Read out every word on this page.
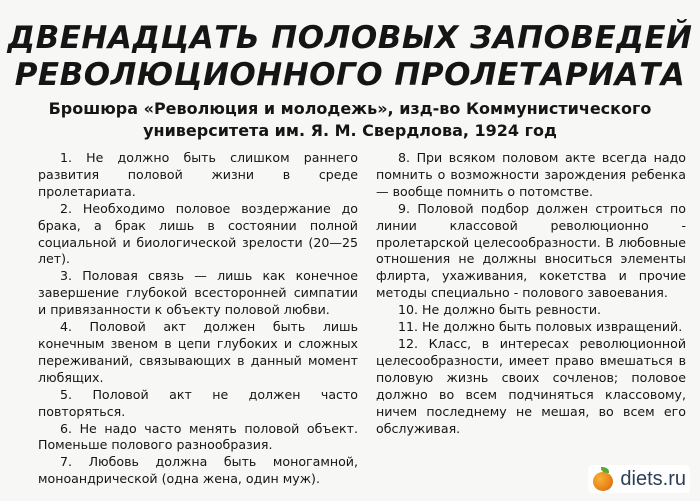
ДВЕНАДЦАТЬ ПОЛОВЫХ ЗАПОВЕДЕЙ
РЕВОЛЮЦИОННОГО ПРОЛЕТАРИАТА
Брошюра «Революция и молодежь», изд-во Коммунистического
университета им. Я. М. Свердлова, 1924 год

1. Не должно быть слишком раннего развития половой жизни в среде пролетариата.

2. Необходимо половое воздержание до брака, а брак лишь в состоянии полной социальной и биологической зрелости (20—25 лет).

3. Половая связь — лишь как конечное завершение глубокой всесторонней симпатии и привязанности к объекту половой любви.

4. Половой акт должен быть лишь конечным звеном в цепи глубоких и сложных переживаний, связывающих в данный момент любящих.

5. Половой акт не должен часто повторяться.

6. Не надо часто менять половой объект. Поменьше полового разнообразия.

7. Любовь должна быть моногамной, моноандрической (одна жена, один муж).

8. При всяком половом акте всегда надо помнить о возможности зарождения ребенка — вообще помнить о потомстве.

9. Половой подбор должен строиться по линии классовой революционно - пролетарской целесообразности. В любовные отношения не должны вноситься элементы флирта, ухаживания, кокетства и прочие методы специально - полового завоевания.

10. Не должно быть ревности.

11. Не должно быть половых извращений.

12. Класс, в интересах революционной целесообразности, имеет право вмешаться в половую жизнь своих сочленов; половое должно во всем подчиняться классовому, ничем последнему не мешая, во всем его обслуживая.

diets.ru
